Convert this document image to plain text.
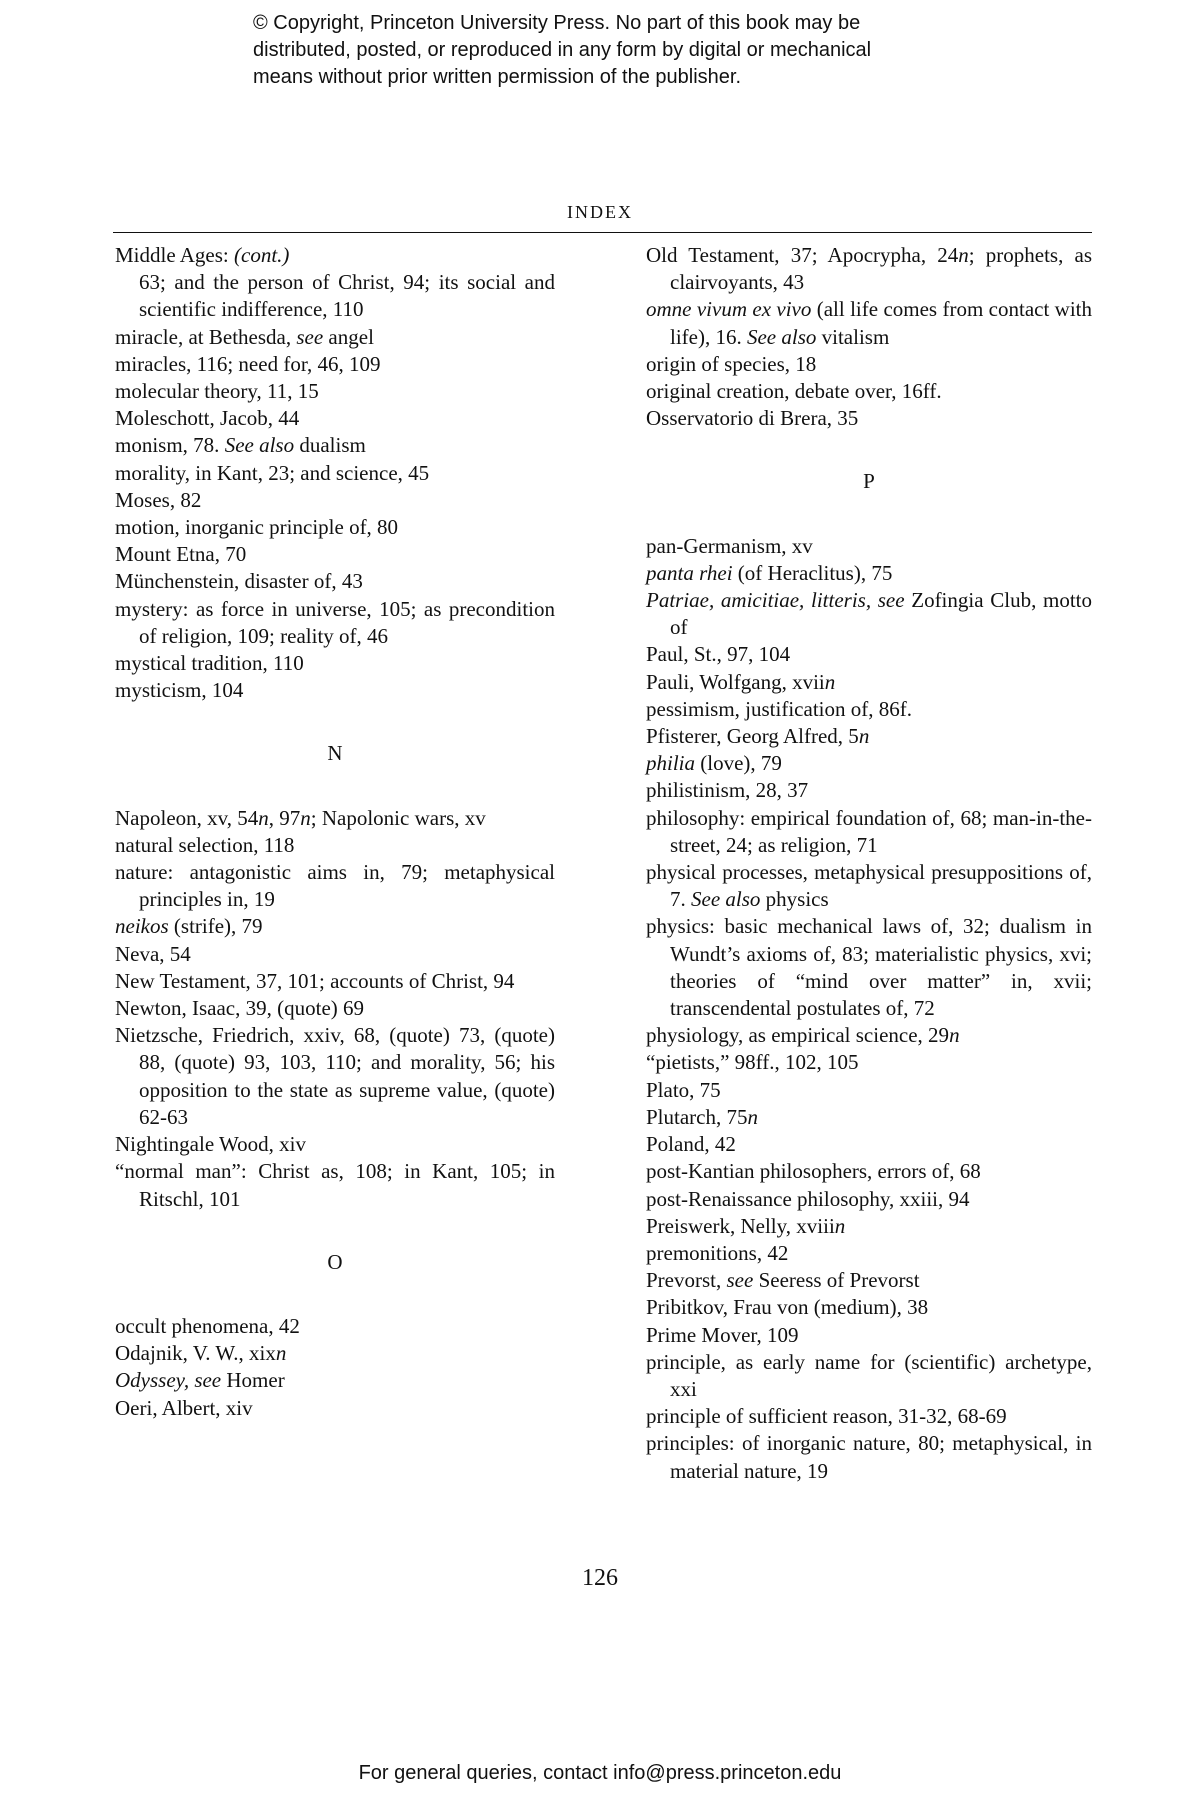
© Copyright, Princeton University Press. No part of this book may be
distributed, posted, or reproduced in any form by digital or mechanical
means without prior written permission of the publisher.
INDEX
Middle Ages: (cont.)
63; and the person of Christ, 94; its social and scientific indifference, 110
miracle, at Bethesda, see angel
miracles, 116; need for, 46, 109
molecular theory, 11, 15
Moleschott, Jacob, 44
monism, 78. See also dualism
morality, in Kant, 23; and science, 45
Moses, 82
motion, inorganic principle of, 80
Mount Etna, 70
Münchenstein, disaster of, 43
mystery: as force in universe, 105; as precondition of religion, 109; reality of, 46
mystical tradition, 110
mysticism, 104
N
Napoleon, xv, 54n, 97n; Napolonic wars, xv
natural selection, 118
nature: antagonistic aims in, 79; metaphysical principles in, 19
neikos (strife), 79
Neva, 54
New Testament, 37, 101; accounts of Christ, 94
Newton, Isaac, 39, (quote) 69
Nietzsche, Friedrich, xxiv, 68, (quote) 73, (quote) 88, (quote) 93, 103, 110; and morality, 56; his opposition to the state as supreme value, (quote) 62-63
Nightingale Wood, xiv
“normal man”: Christ as, 108; in Kant, 105; in Ritschl, 101
O
occult phenomena, 42
Odajnik, V. W., xixn
Odyssey, see Homer
Oeri, Albert, xiv
Old Testament, 37; Apocrypha, 24n; prophets, as clairvoyants, 43
omne vivum ex vivo (all life comes from contact with life), 16. See also vitalism
origin of species, 18
original creation, debate over, 16ff.
Osservatorio di Brera, 35
P
pan-Germanism, xv
panta rhei (of Heraclitus), 75
Patriae, amicitiae, litteris, see Zofingia Club, motto of
Paul, St., 97, 104
Pauli, Wolfgang, xviin
pessimism, justification of, 86f.
Pfisterer, Georg Alfred, 5n
philia (love), 79
philistinism, 28, 37
philosophy: empirical foundation of, 68; man-in-the-street, 24; as religion, 71
physical processes, metaphysical presuppositions of, 7. See also physics
physics: basic mechanical laws of, 32; dualism in Wundt’s axioms of, 83; materialistic physics, xvi; theories of “mind over matter” in, xvii; transcendental postulates of, 72
physiology, as empirical science, 29n
“pietists,” 98ff., 102, 105
Plato, 75
Plutarch, 75n
Poland, 42
post-Kantian philosophers, errors of, 68
post-Renaissance philosophy, xxiii, 94
Preiswerk, Nelly, xviiin
premonitions, 42
Prevorst, see Seeress of Prevorst
Pribitkov, Frau von (medium), 38
Prime Mover, 109
principle, as early name for (scientific) archetype, xxi
principle of sufficient reason, 31-32, 68-69
principles: of inorganic nature, 80; metaphysical, in material nature, 19
126
For general queries, contact info@press.princeton.edu
